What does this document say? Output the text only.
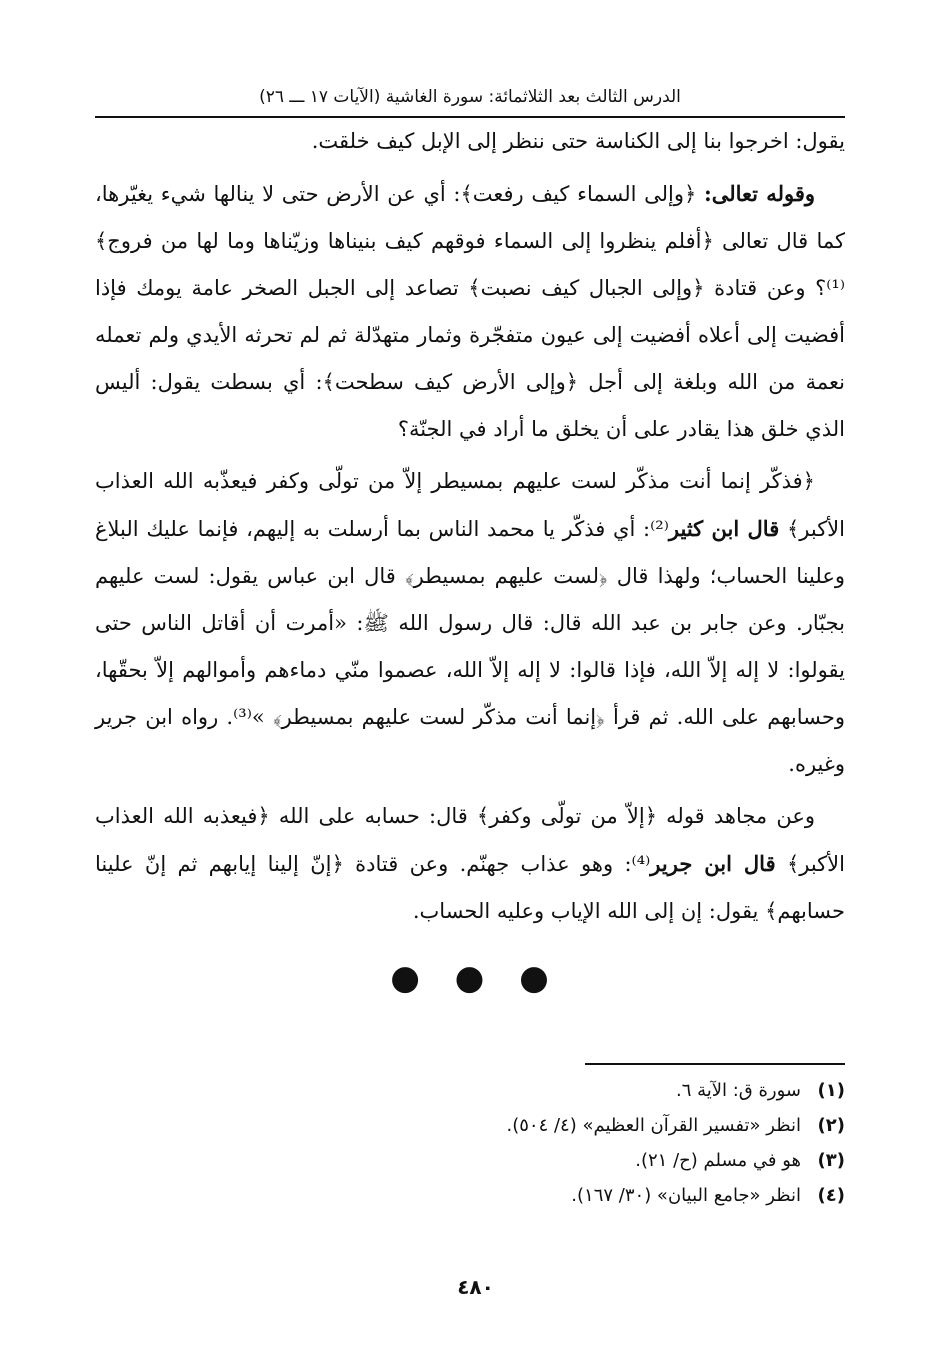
الدرس الثالث بعد الثلاثمائة: سورة الغاشية (الآيات ١٧ ـــ ٢٦)

يقول: اخرجوا بنا إلى الكناسة حتى ننظر إلى الإبل كيف خلقت.

وقوله تعالى: ﴿وإلى السماء كيف رفعت﴾: أي عن الأرض حتى لا ينالها شيء يغيّرها، كما قال تعالى ﴿أفلم ينظروا إلى السماء فوقهم كيف بنيناها وزيّناها وما لها من فروج﴾⁽¹⁾؟ وعن قتادة ﴿وإلى الجبال كيف نصبت﴾ تصاعد إلى الجبل الصخر عامة يومك فإذا أفضيت إلى أعلاه أفضيت إلى عيون متفجّرة وثمار متهدّلة ثم لم تحرثه الأيدي ولم تعمله نعمة من الله وبلغة إلى أجل ﴿وإلى الأرض كيف سطحت﴾: أي بسطت يقول: أليس الذي خلق هذا يقادر على أن يخلق ما أراد في الجنّة؟

﴿فذكّر إنما أنت مذكّر لست عليهم بمسيطر إلاّ من تولّى وكفر فيعذّبه الله العذاب الأكبر﴾ قال ابن كثير⁽²⁾: أي فذكّر يا محمد الناس بما أرسلت به إليهم، فإنما عليك البلاغ وعلينا الحساب؛ ولهذا قال ﴿لست عليهم بمسيطر﴾ قال ابن عباس يقول: لست عليهم بجبّار. وعن جابر بن عبد الله قال: قال رسول الله ﷺ: «أمرت أن أقاتل الناس حتى يقولوا: لا إله إلاّ الله، فإذا قالوا: لا إله إلاّ الله، عصموا منّي دماءهم وأموالهم إلاّ بحقّها، وحسابهم على الله. ثم قرأ ﴿إنما أنت مذكّر لست عليهم بمسيطر﴾ »⁽³⁾. رواه ابن جرير وغيره.

وعن مجاهد قوله ﴿إلاّ من تولّى وكفر﴾ قال: حسابه على الله ﴿فيعذبه الله العذاب الأكبر﴾ قال ابن جرير⁽⁴⁾: وهو عذاب جهنّم. وعن قتادة ﴿إنّ إلينا إيابهم ثم إنّ علينا حسابهم﴾ يقول: إن إلى الله الإياب وعليه الحساب.

● ● ●
(١)
سورة ق: الآية ٦.
(٢)
انظر «تفسير القرآن العظيم» (٤/ ٥٠٤).
(٣)
هو في مسلم (ح/ ٢١).
(٤)
انظر «جامع البيان» (٣٠/ ١٦٧).
٤٨٠
